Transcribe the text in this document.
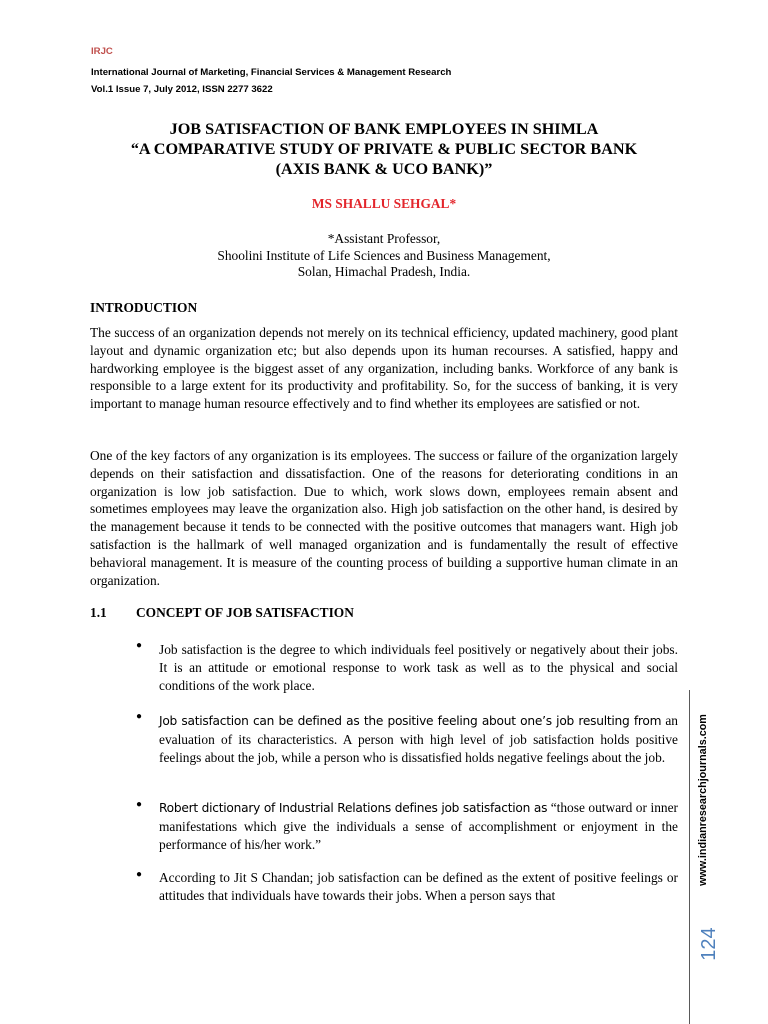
IRJC
International Journal of Marketing, Financial Services & Management Research
Vol.1 Issue 7, July 2012, ISSN 2277 3622
JOB SATISFACTION OF BANK EMPLOYEES IN SHIMLA
“A COMPARATIVE STUDY OF PRIVATE & PUBLIC SECTOR BANK
(AXIS BANK & UCO BANK)”
MS SHALLU SEHGAL*
*Assistant Professor,
Shoolini Institute of Life Sciences and Business Management,
Solan, Himachal Pradesh, India.
INTRODUCTION

The success of an organization depends not merely on its technical efficiency, updated machinery, good plant layout and dynamic organization etc; but also depends upon its human recourses. A satisfied, happy and hardworking employee is the biggest asset of any organization, including banks. Workforce of any bank is responsible to a large extent for its productivity and profitability. So, for the success of banking, it is very important to manage human resource effectively and to find whether its employees are satisfied or not.

One of the key factors of any organization is its employees. The success or failure of the organization largely depends on their satisfaction and dissatisfaction. One of the reasons for deteriorating conditions in an organization is low job satisfaction. Due to which, work slows down, employees remain absent and sometimes employees may leave the organization also. High job satisfaction on the other hand, is desired by the management because it tends to be connected with the positive outcomes that managers want. High job satisfaction is the hallmark of well managed organization and is fundamentally the result of effective behavioral management. It is measure of the counting process of building a supportive human climate in an organization.

1.1 CONCEPT OF JOB SATISFACTION
● Job satisfaction is the degree to which individuals feel positively or negatively about their jobs. It is an attitude or emotional response to work task as well as to the physical and social conditions of the work place.

● Job satisfaction can be defined as the positive feeling about one’s job resulting from an evaluation of its characteristics. A person with high level of job satisfaction holds positive feelings about the job, while a person who is dissatisfied holds negative feelings about the job.

● Robert dictionary of Industrial Relations defines job satisfaction as “those outward or inner manifestations which give the individuals a sense of accomplishment or enjoyment in the performance of his/her work.”

● According to Jit S Chandan; job satisfaction can be defined as the extent of positive feelings or attitudes that individuals have towards their jobs. When a person says that

www.indianresearchjournals.com
124
